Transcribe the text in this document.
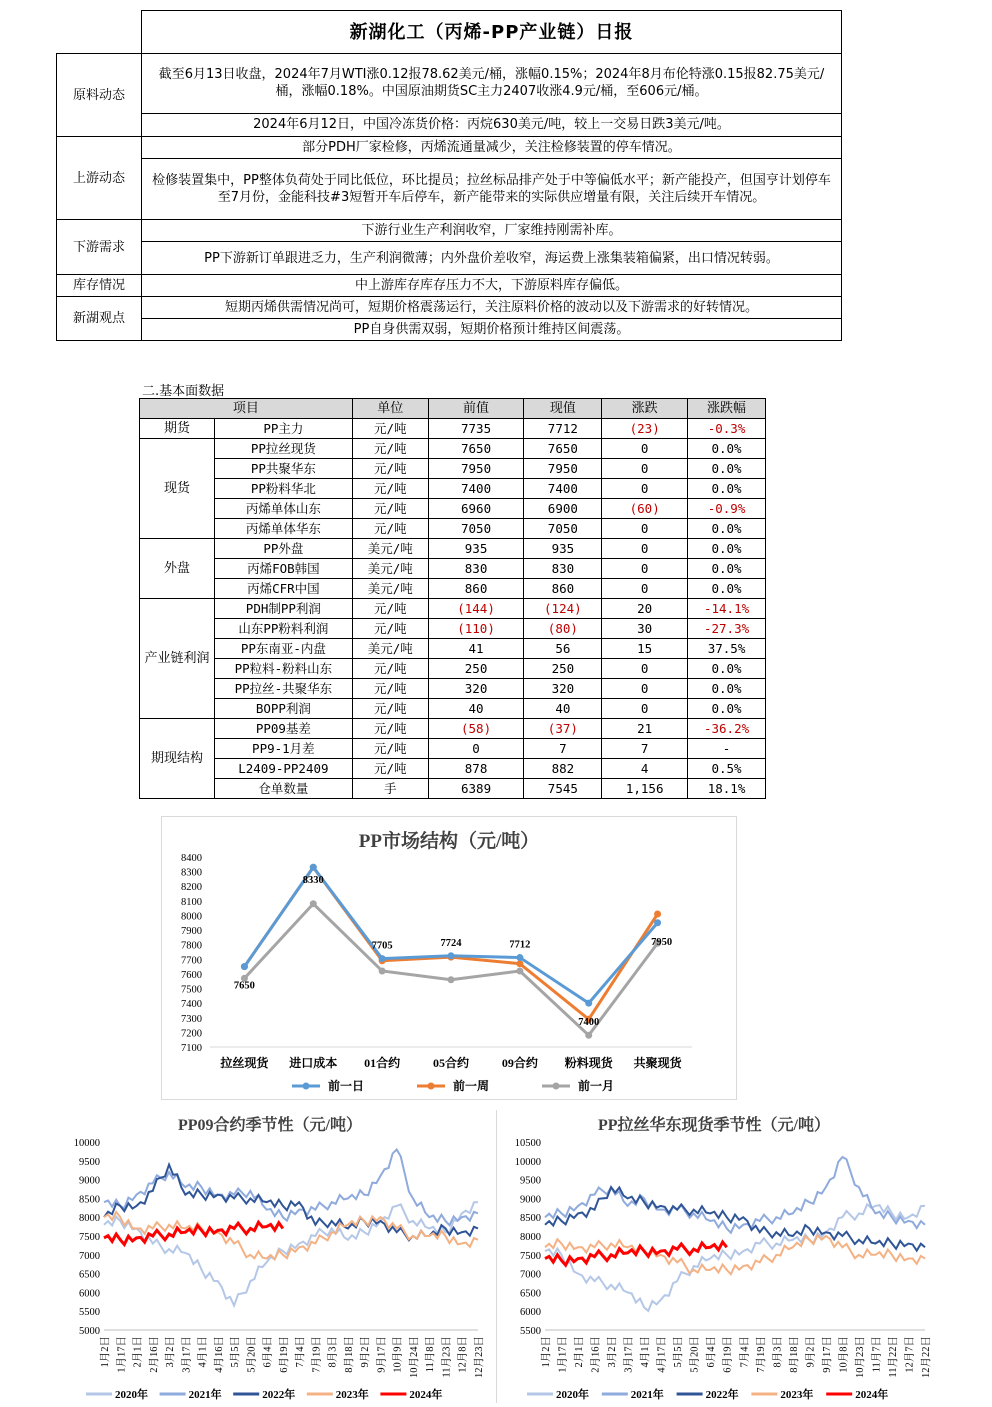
	新湖化工（丙烯-PP产业链）日报
原料动态	截至6月13日收盘，2024年7月WTI涨0.12报78.62美元/桶，涨幅0.15%；2024年8月布伦特涨0.15报82.75美元/桶，涨幅0.18%。中国原油期货SC主力2407收涨4.9元/桶，至606元/桶。
	2024年6月12日，中国冷冻货价格：丙烷630美元/吨，较上一交易日跌3美元/吨。
上游动态	部分PDH厂家检修，丙烯流通量减少，关注检修装置的停车情况。
	检修装置集中，PP整体负荷处于同比低位，环比提员；拉丝标品排产处于中等偏低水平；新产能投产，但国亨计划停车至7月份，金能科技#3短暂开车后停车，新产能带来的实际供应增量有限，关注后续开车情况。
下游需求	下游行业生产利润收窄，厂家维持刚需补库。
	PP下游新订单跟进乏力，生产利润微薄；内外盘价差收窄，海运费上涨集装箱偏紧，出口情况转弱。
库存情况	中上游库存库存压力不大，下游原料库存偏低。
新湖观点	短期丙烯供需情况尚可，短期价格震荡运行，关注原料价格的波动以及下游需求的好转情况。
	PP自身供需双弱，短期价格预计维持区间震荡。
二.基本面数据
项目		单位	前值	现值	涨跌	涨跌幅
期货	PP主力	元/吨	7735	7712	(23)	-0.3%
现货	PP拉丝现货	元/吨	7650	7650	0	0.0%
	PP共聚华东	元/吨	7950	7950	0	0.0%
	PP粉料华北	元/吨	7400	7400	0	0.0%
	丙烯单体山东	元/吨	6960	6900	(60)	-0.9%
	丙烯单体华东	元/吨	7050	7050	0	0.0%
外盘	PP外盘	美元/吨	935	935	0	0.0%
	丙烯FOB韩国	美元/吨	830	830	0	0.0%
	丙烯CFR中国	美元/吨	860	860	0	0.0%
产业链利润	PDH制PP利润	元/吨	(144)	(124)	20	-14.1%
	山东PP粉料利润	元/吨	(110)	(80)	30	-27.3%
	PP东南亚-内盘	美元/吨	41	56	15	37.5%
	PP粒料-粉料山东	元/吨	250	250	0	0.0%
	PP拉丝-共聚华东	元/吨	320	320	0	0.0%
	BOPP利润	元/吨	40	40	0	0.0%
期现结构	PP09基差	元/吨	(58)	(37)	21	-36.2%
	PP9-1月差	元/吨	0	7	7	-
	L2409-PP2409	元/吨	878	882	4	0.5%
	仓单数量	手	6389	7545	1,156	18.1%
PP市场结构（元/吨）
7100
7200
7300
7400
7500
7600
7700
7800
7900
8000
8100
8200
8300
8400
拉丝现货 进口成本 01合约	05合约	09合约 粉料现货 共聚现货
7650
8330
7705	7724	7712
7400
7950
前一日	前一周	前一月
PP09合约季节性（元/吨）
5000
5500
6000
6500
7000
7500
8000
8500
9000
9500
10000
1月2日 1月17日 2月1日 2月16日 3月2日 3月17日 4月1日 4月16日 5月5日 5月20日 6月4日 6月19日 7月4日 7月19日 8月3日 8月18日 9月2日 9月17日 10月9日 10月24日 11月8日 11月23日 12月8日 12月23日
2020年	2021年	2022年	2023年	2024年
PP拉丝华东现货季节性（元/吨）
5500
6000
6500
7000
7500
8000
8500
9000
9500
10000
10500
1月2日 1月17日 2月1日 2月16日 3月2日 3月17日 4月1日 4月17日 5月5日 5月20日 6月4日 6月19日 7月4日 7月19日 8月3日 8月18日 9月2日 9月17日 10月8日 10月23日 11月7日 11月22日 12月7日 12月22日
2020年	2021年	2022年	2023年	2024年
